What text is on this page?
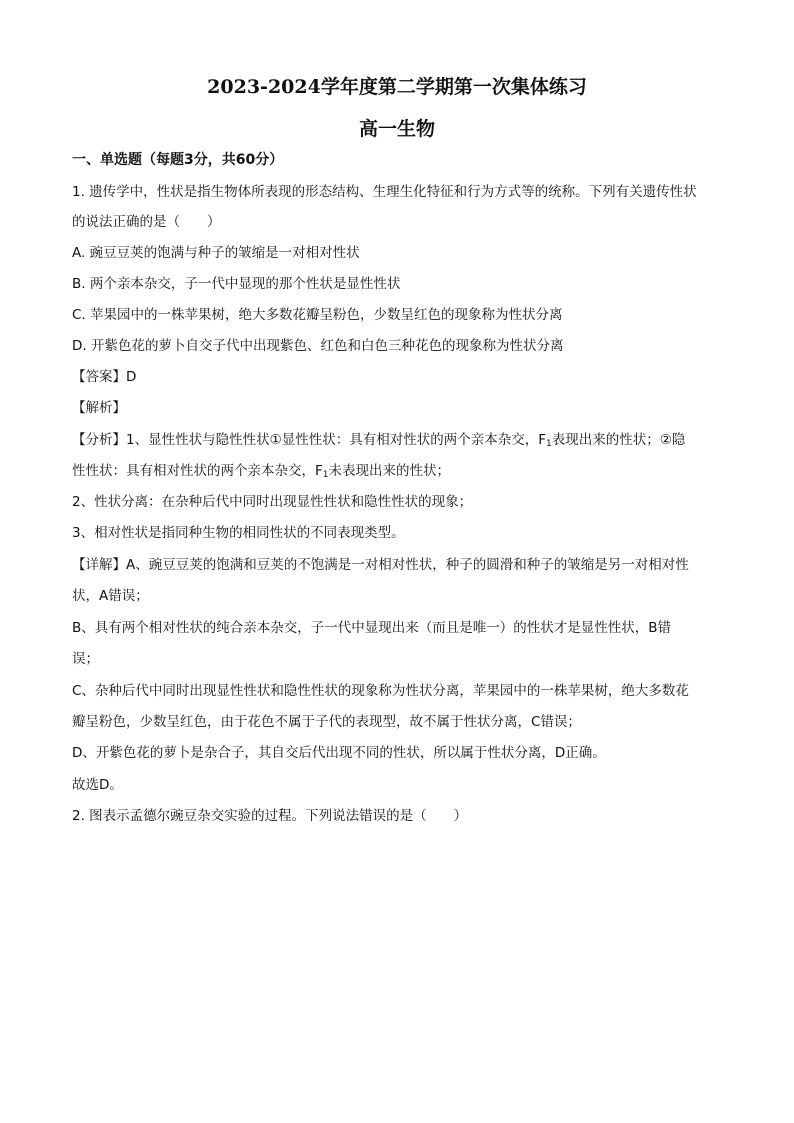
2023-2024学年度第二学期第一次集体练习
高一生物
一、单选题（每题3分，共60分）
1. 遗传学中，性状是指生物体所表现的形态结构、生理生化特征和行为方式等的统称。下列有关遗传性状
的说法正确的是（　　）
A. 豌豆豆荚的饱满与种子的皱缩是一对相对性状
B. 两个亲本杂交，子一代中显现的那个性状是显性性状
C. 苹果园中的一株苹果树，绝大多数花瓣呈粉色，少数呈红色的现象称为性状分离
D. 开紫色花的萝卜自交子代中出现紫色、红色和白色三种花色的现象称为性状分离
【答案】D
【解析】
【分析】1、显性性状与隐性性状①显性性状：具有相对性状的两个亲本杂交，$F_1$表现出来的性状；②隐
性性状：具有相对性状的两个亲本杂交，$F_1$未表现出来的性状；
2、性状分离：在杂种后代中同时出现显性性状和隐性性状的现象；
3、相对性状是指同种生物的相同性状的不同表现类型。
【详解】A、豌豆豆荚的饱满和豆荚的不饱满是一对相对性状，种子的圆滑和种子的皱缩是另一对相对性
状，A错误；
B、具有两个相对性状的纯合亲本杂交，子一代中显现出来（而且是唯一）的性状才是显性性状，B错
误；
C、杂种后代中同时出现显性性状和隐性性状的现象称为性状分离，苹果园中的一株苹果树，绝大多数花
瓣呈粉色，少数呈红色，由于花色不属于子代的表现型，故不属于性状分离，C错误；
D、开紫色花的萝卜是杂合子，其自交后代出现不同的性状，所以属于性状分离，D正确。
故选D。
2. 图表示孟德尔豌豆杂交实验的过程。下列说法错误的是（　　）
